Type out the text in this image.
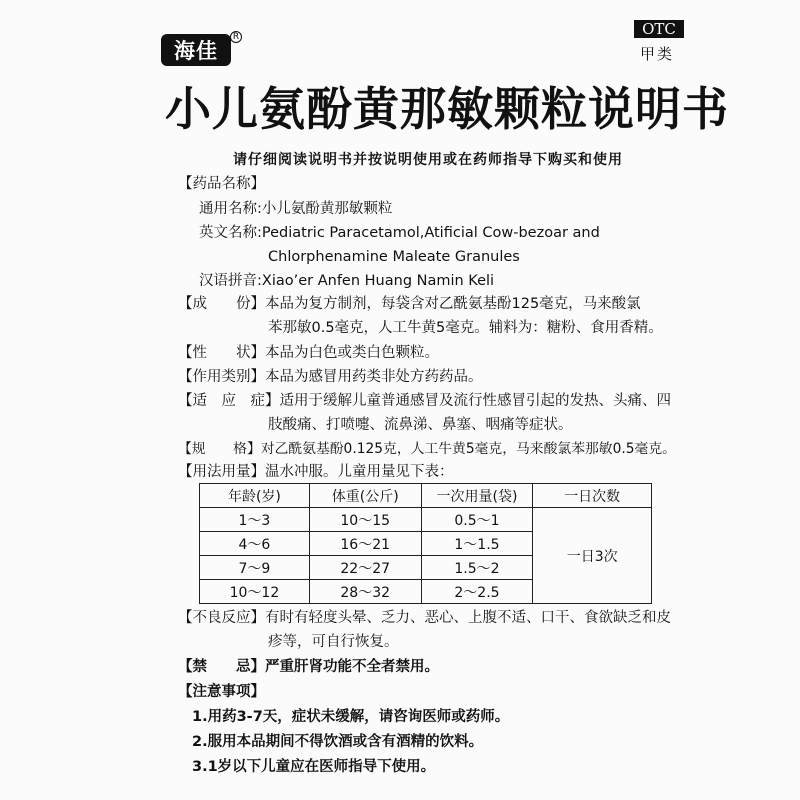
海佳
R	OTC
甲类
小儿氨酚黄那敏颗粒说明书
请仔细阅读说明书并按说明使用或在药师指导下购买和使用
【药品名称】
通用名称:小儿氨酚黄那敏颗粒
英文名称:Pediatric Paracetamol,Atificial Cow-bezoar and
Chlorphenamine Maleate Granules
汉语拼音:Xiao’er Anfen Huang Namin Keli
【成　　份】本品为复方制剂，每袋含对乙酰氨基酚125毫克，马来酸氯
苯那敏0.5毫克，人工牛黄5毫克。辅料为：糖粉、食用香精。
【性　　状】本品为白色或类白色颗粒。
【作用类别】本品为感冒用药类非处方药药品。
【适　应　症】适用于缓解儿童普通感冒及流行性感冒引起的发热、头痛、四
肢酸痛、打喷嚏、流鼻涕、鼻塞、咽痛等症状。
【规　　格】对乙酰氨基酚0.125克，人工牛黄5毫克，马来酸氯苯那敏0.5毫克。
【用法用量】温水冲服。儿童用量见下表：
年龄(岁)	体重(公斤)	一次用量(袋)	一日次数
1～3	10～15	0.5～1	一日3次
4～6	16～21	1～1.5	
7～9	22～27	1.5～2	
10～12	28～32	2～2.5	
【不良反应】有时有轻度头晕、乏力、恶心、上腹不适、口干、食欲缺乏和皮
疹等，可自行恢复。
【禁　　忌】严重肝肾功能不全者禁用。
【注意事项】
1.用药3-7天，症状未缓解，请咨询医师或药师。
2.服用本品期间不得饮酒或含有酒精的饮料。
3.1岁以下儿童应在医师指导下使用。
